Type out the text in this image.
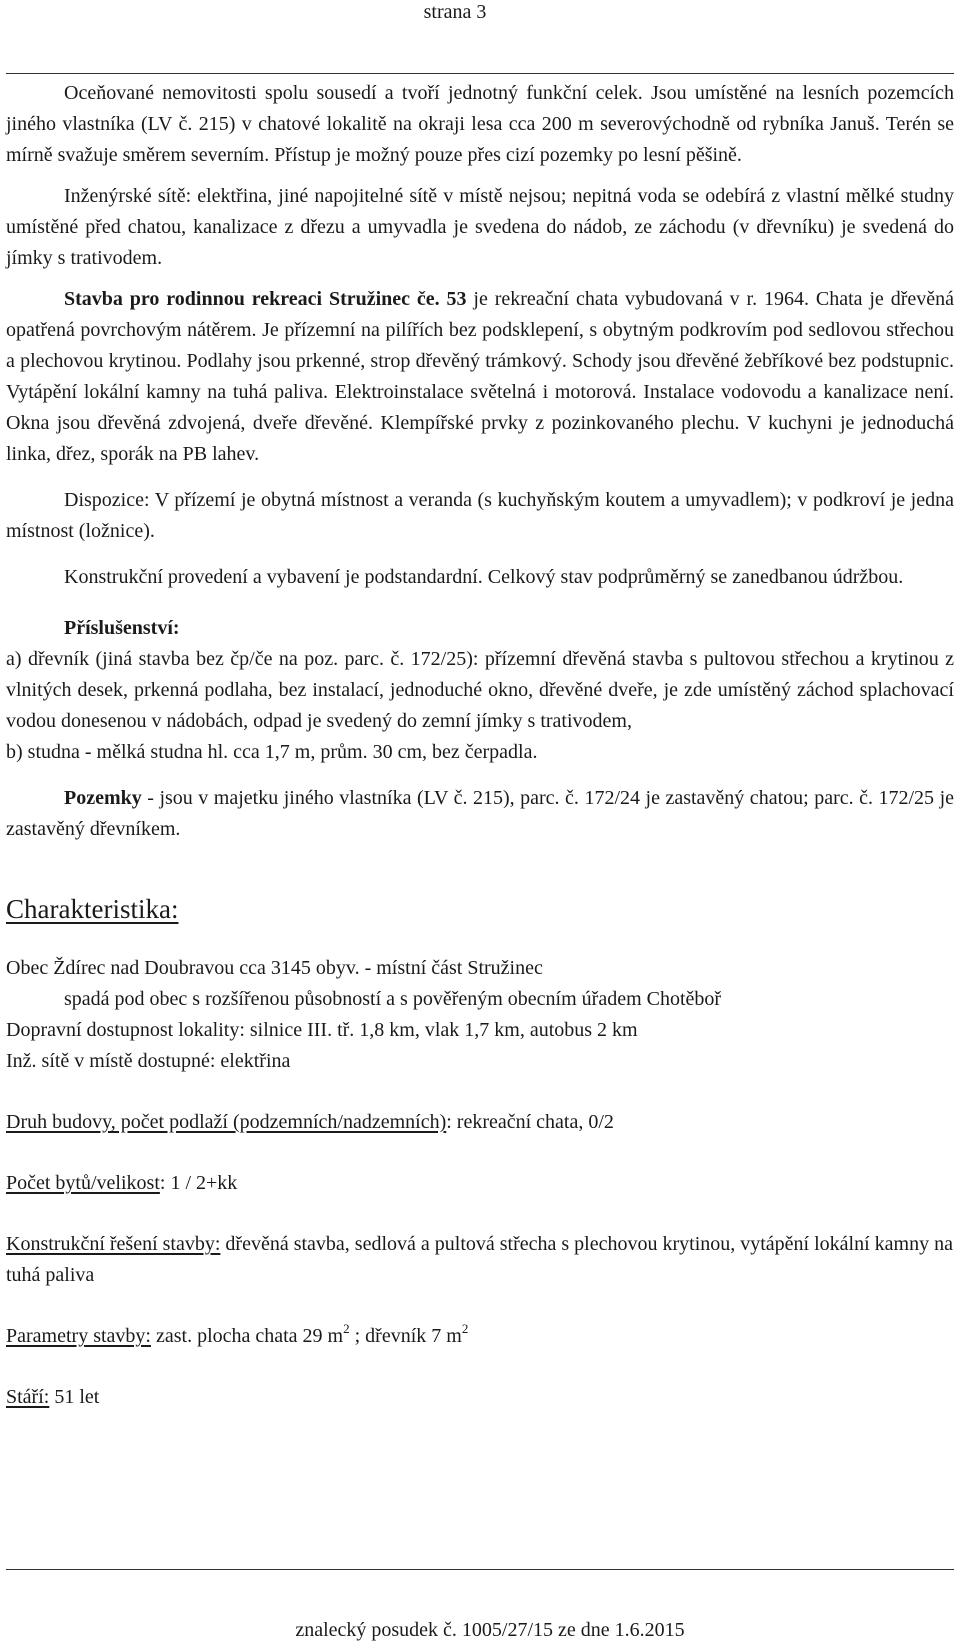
strana 3

Oceňované nemovitosti spolu sousedí a tvoří jednotný funkční celek. Jsou umístěné na lesních pozemcích jiného vlastníka (LV č. 215) v chatové lokalitě na okraji lesa cca 200 m severovýchodně od rybníka Januš. Terén se mírně svažuje směrem severním. Přístup je možný pouze přes cizí pozemky po lesní pěšině.

Inženýrské sítě: elektřina, jiné napojitelné sítě v místě nejsou; nepitná voda se odebírá z vlastní mělké studny umístěné před chatou, kanalizace z dřezu a umyvadla je svedena do nádob, ze záchodu (v dřevníku) je svedená do jímky s trativodem.

Stavba pro rodinnou rekreaci Stružinec če. 53 je rekreační chata vybudovaná v r. 1964. Chata je dřevěná opatřená povrchovým nátěrem. Je přízemní na pilířích bez podsklepení, s obytným podkrovím pod sedlovou střechou a plechovou krytinou. Podlahy jsou prkenné, strop dřevěný trámkový. Schody jsou dřevěné žebříkové bez podstupnic. Vytápění lokální kamny na tuhá paliva. Elektroinstalace světelná i motorová. Instalace vodovodu a kanalizace není. Okna jsou dřevěná zdvojená, dveře dřevěné. Klempířské prvky z pozinkovaného plechu. V kuchyni je jednoduchá linka, dřez, sporák na PB lahev.

Dispozice: V přízemí je obytná místnost a veranda (s kuchyňským koutem a umyvadlem); v podkroví je jedna místnost (ložnice).

Konstrukční provedení a vybavení je podstandardní. Celkový stav podprůměrný se zanedbanou údržbou.

Příslušenství:

a) dřevník (jiná stavba bez čp/če na poz. parc. č. 172/25): přízemní dřevěná stavba s pultovou střechou a krytinou z vlnitých desek, prkenná podlaha, bez instalací, jednoduché okno, dřevěné dveře, je zde umístěný záchod splachovací vodou donesenou v nádobách, odpad je svedený do zemní jímky s trativodem,

b) studna - mělká studna hl. cca 1,7 m, prům. 30 cm, bez čerpadla.

Pozemky - jsou v majetku jiného vlastníka (LV č. 215), parc. č. 172/24 je zastavěný chatou; parc. č. 172/25 je zastavěný dřevníkem.

Charakteristika:
Obec Ždírec nad Doubravou cca 3145 obyv. - místní část Stružinec
spadá pod obec s rozšířenou působností a s pověřeným obecním úřadem Chotěboř
Dopravní dostupnost lokality: silnice III. tř. 1,8 km, vlak 1,7 km, autobus 2 km
Inž. sítě v místě dostupné: elektřina
Druh budovy, počet podlaží (podzemních/nadzemních): rekreační chata, 0/2
Počet bytů/velikost: 1 / 2+kk
Konstrukční řešení stavby: dřevěná stavba, sedlová a pultová střecha s plechovou krytinou, vytápění lokální kamny na tuhá paliva
Parametry stavby: zast. plocha chata 29 $m^2$ ; dřevník 7 $m^2$
Stáří: 51 let
znalecký posudek č. 1005/27/15 ze dne 1.6.2015
